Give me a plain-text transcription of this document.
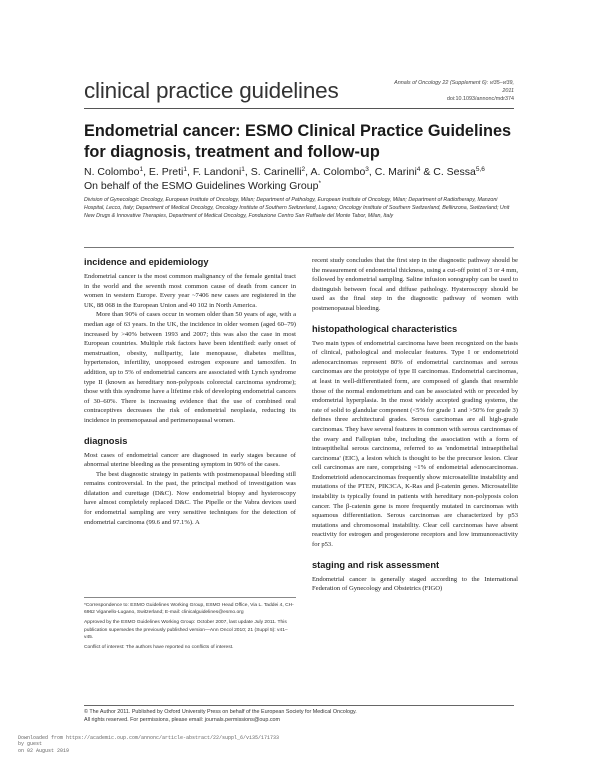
clinical practice guidelines	Annals of Oncology 22 (Supplement 6): vi35–vi39, 2011
doi:10.1093/annonc/mdr374
Endometrial cancer: ESMO Clinical Practice Guidelines for diagnosis, treatment and follow-up
N. Colombo$^1$, E. Preti$^1$, F. Landoni$^1$, S. Carinelli$^2$, A. Colombo$^3$, C. Marini$^4$ & C. Sessa$^{5,6}$
On behalf of the ESMO Guidelines Working Group*
Division of Gynecologic Oncology, European Institute of Oncology, Milan; Department of Pathology, European Institute of Oncology, Milan; Department of Radiotherapy, Manzoni Hospital, Lecco, Italy; Department of Medical Oncology, Oncology Institute of Southern Switzerland, Lugano; Oncology Institute of Southern Switzerland, Bellinzona, Switzerland; Unit New Drugs & Innovative Therapies, Department of Medical Oncology, Fondazione Centro San Raffaele del Monte Tabor, Milan, Italy
incidence and epidemiology

Endometrial cancer is the most common malignancy of the female genital tract in the world and the seventh most common cause of death from cancer in women in western Europe. Every year ~7406 new cases are registered in the UK, 88 068 in the European Union and 40 102 in North America.

More than 90% of cases occur in women older than 50 years of age, with a median age of 63 years. In the UK, the incidence in older women (aged 60–79) increased by >40% between 1993 and 2007; this was also the case in most European countries. Multiple risk factors have been identified: early onset of menstruation, obesity, nulliparity, late menopause, diabetes mellitus, hypertension, infertility, unopposed estrogen exposure and tamoxifen. In addition, up to 5% of endometrial cancers are associated with Lynch syndrome type II (known as hereditary non-polyposis colorectal carcinoma syndrome); those with this syndrome have a lifetime risk of developing endometrial cancers of 30–60%. There is increasing evidence that the use of combined oral contraceptives decreases the risk of endometrial neoplasia, reducing its incidence in premenopausal and perimenopausal women.

diagnosis

Most cases of endometrial cancer are diagnosed in early stages because of abnormal uterine bleeding as the presenting symptom in 90% of the cases.

The best diagnostic strategy in patients with postmenopausal bleeding still remains controversial. In the past, the principal method of investigation was dilatation and curettage (D&C). Now endometrial biopsy and hysteroscopy have almost completely replaced D&C. The Pipelle or the Vabra devices used for endometrial sampling are very sensitive techniques for the detection of endometrial carcinoma (99.6 and 97.1%). A

*Correspondence to: ESMO Guidelines Working Group, ESMO Head Office, Via L. Taddei 4, CH-6962 Viganello-Lugano, Switzerland; E-mail: clinicalguidelines@esmo.org

Approved by the ESMO Guidelines Working Group: October 2007, last update July 2011. This publication supersedes the previously published version—Ann Oncol 2010; 21 (Suppl 5): v41–v45.

Conflict of interest: The authors have reported no conflicts of interest.

recent study concludes that the first step in the diagnostic pathway should be the measurement of endometrial thickness, using a cut-off point of 3 or 4 mm, followed by endometrial sampling. Saline infusion sonography can be used to distinguish between focal and diffuse pathology. Hysteroscopy should be used as the final step in the diagnostic pathway of women with postmenopausal bleeding.

histopathological characteristics

Two main types of endometrial carcinoma have been recognized on the basis of clinical, pathological and molecular features. Type I or endometrioid adenocarcinomas represent 80% of endometrial carcinomas and serous carcinomas are the prototype of type II carcinomas. Endometrial carcinomas, at least in well-differentiated form, are composed of glands that resemble those of the normal endometrium and can be associated with or preceded by endometrial hyperplasia. In the most widely accepted grading systems, the rate of solid to glandular component (<5% for grade 1 and >50% for grade 3) defines three architectural grades. Serous carcinomas are all high-grade carcinomas. They have several features in common with serous carcinomas of the ovary and Fallopian tube, including the association with a form of intraepithelial serous carcinoma, referred to as 'endometrial intraepithelial carcinoma' (EIC), a lesion which is thought to be the precursor lesion. Clear cell carcinomas are rare, comprising ~1% of endometrial adenocarcinomas. Endometrioid adenocarcinomas frequently show microsatellite instability and mutations of the PTEN, PIK3CA, K-Ras and β-catenin genes. Microsatellite instability is typically found in patients with hereditary non-polyposis colon cancer. The β-catenin gene is more frequently mutated in carcinomas with squamous differentiation. Serous carcinomas are characterized by p53 mutations and chromosomal instability. Clear cell carcinomas have absent reactivity for estrogen and progesterone receptors and low immunoreactivity for p53.

staging and risk assessment

Endometrial cancer is generally staged according to the International Federation of Gynecology and Obstetrics (FIGO)

© The Author 2011. Published by Oxford University Press on behalf of the European Society for Medical Oncology.
All rights reserved. For permissions, please email: journals.permissions@oup.com
Downloaded from https://academic.oup.com/annonc/article-abstract/22/suppl_6/vi35/171733
by guest
on 02 August 2019
